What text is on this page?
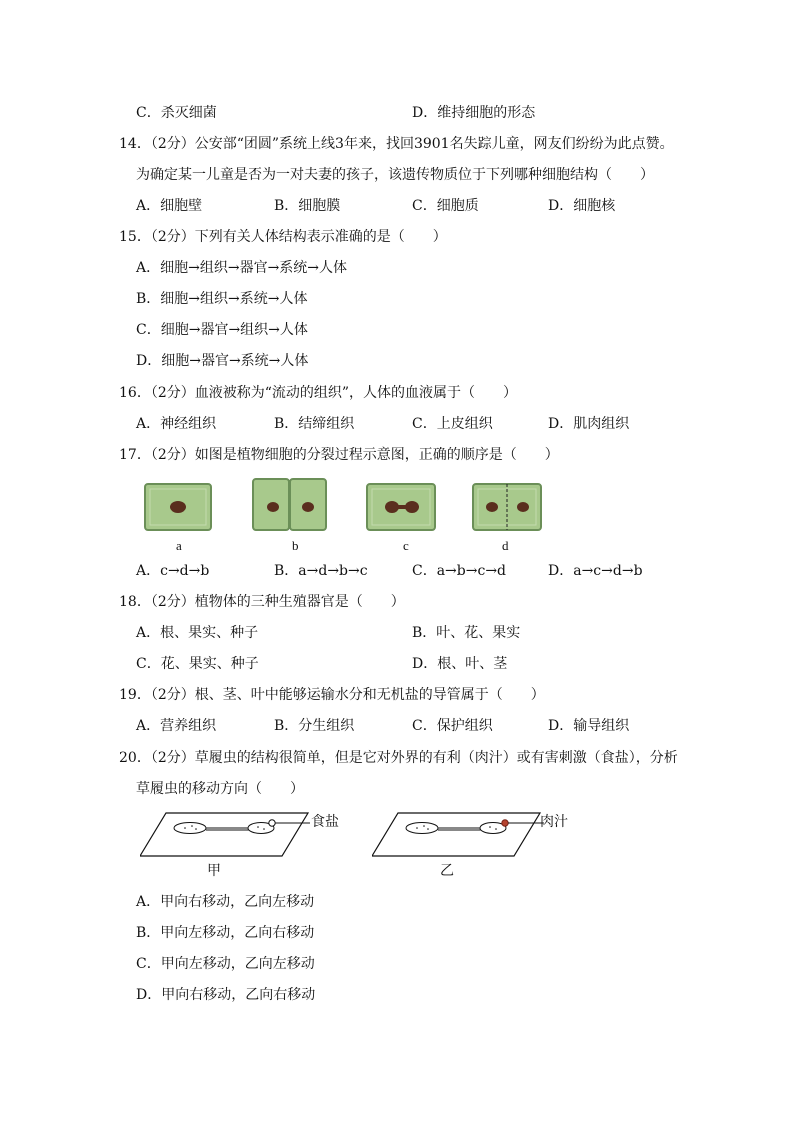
C．杀灭细菌	D．维持细胞的形态
14．（2分）公安部“团圆”系统上线3年来，找回3901名失踪儿童，网友们纷纷为此点赞。
为确定某一儿童是否为一对夫妻的孩子，该遗传物质位于下列哪种细胞结构（　　）
A．细胞壁	B．细胞膜	C．细胞质	D．细胞核
15．（2分）下列有关人体结构表示准确的是（　　）
A．细胞→组织→器官→系统→人体
B．细胞→组织→系统→人体
C．细胞→器官→组织→人体
D．细胞→器官→系统→人体
16．（2分）血液被称为“流动的组织”，人体的血液属于（　　）
A．神经组织	B．结缔组织	C．上皮组织	D．肌肉组织
17．（2分）如图是植物细胞的分裂过程示意图，正确的顺序是（　　）
a	b	c	d
A．c→d→b	B．a→d→b→c	C．a→b→c→d	D．a→c→d→b
18．（2分）植物体的三种生殖器官是（　　）
A．根、果实、种子	B．叶、花、果实
C．花、果实、种子	D．根、叶、茎
19．（2分）根、茎、叶中能够运输水分和无机盐的导管属于（　　）
A．营养组织	B．分生组织	C．保护组织	D．输导组织
20．（2分）草履虫的结构很简单，但是它对外界的有利（肉汁）或有害刺激（食盐），分析
草履虫的移动方向（　　）
食盐
甲
肉汁
乙
A．甲向右移动，乙向左移动
B．甲向左移动，乙向右移动
C．甲向左移动，乙向左移动
D．甲向右移动，乙向右移动
